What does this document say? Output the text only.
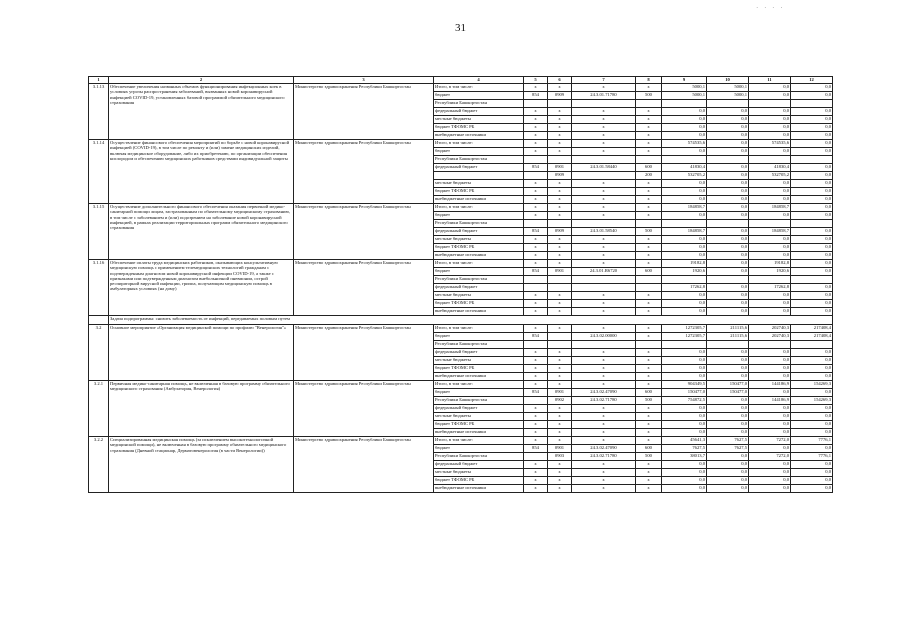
· · · ·
31
1	2	3	4	5	6	7	8	9	10	11	12
3.1.13	Обеспечение увеличения названных объемов функционирования инфекционных коек в условиях угрозы распространения заболеваний, вызванных новой коронавирусной инфекцией COVID-19, установленных базовой программой обязательного медицинского страхования	Министерство здравоохранения Республики Башкортостан	Итого, в том числе:	x	x	x	x	5000,1	5000,1	0,0	0,0
			бюджет	854	0909	24.3.01.71780	500	5000,1	5000,1	0,0	0,0
			Республики Башкортостан								
			федеральный бюджет	x	x	x	x	0,0	0,0	0,0	0,0
			местные бюджеты	x	x	x	x	0,0	0,0	0,0	0,0
			бюджет ТФОМС РБ	x	x	x	x	0,0	0,0	0,0	0,0
			внебюджетные источники	x	x	x	x	0,0	0,0	0,0	0,0
3.1.14	Осуществление финансового обеспечения мероприятий по борьбе с новой коронавирусной инфекцией (COVID-19), в том числе по ремонту и (или) замене медицинских изделий, включая медицинское оборудование, либо их приобретению, по организации обеспечения кислородом и обеспечению медицинских работников средствами индивидуальной защиты	Министерство здравоохранения Республики Башкортостан	Итого, в том числе:	x	x	x	x	574535,6	0,0	574535,6	0,0
			бюджет	x	x	x	x	0,0	0,0	0,0	0,0
			Республики Башкортостан								
			федеральный бюджет	854	0901	24.3.01.58440	600	41830,4	0,0	41830,4	0,0
					0909		200	532705,2	0,0	532705,2	0,0
			местные бюджеты	x	x	x	x	0,0	0,0	0,0	0,0
			бюджет ТФОМС РБ	x	x	x	x	0,0	0,0	0,0	0,0
			внебюджетные источники	x	x	x	x	0,0	0,0	0,0	0,0
3.1.15	Осуществление дополнительного финансового обеспечения оказания первичной медико-санитарной помощи лицам, застрахованным по обязательному медицинскому страхованию, в том числе с заболеванием и (или) подозрением на заболевание новой коронавирусной инфекцией, в рамках реализации территориальных программ обязательного медицинского страхования	Министерство здравоохранения Республики Башкортостан	Итого, в том числе:	x	x	x	x	184858,7	0,0	184858,7	0,0
			бюджет	x	x	x	x	0,0	0,0	0,0	0,0
			Республики Башкортостан								
			федеральный бюджет	854	0909	24.3.01.58540	500	184858,7	0,0	184858,7	0,0
			местные бюджеты	x	x	x	x	0,0	0,0	0,0	0,0
			бюджет ТФОМС РБ	x	x	x	x	0,0	0,0	0,0	0,0
			внебюджетные источники	x	x	x	x	0,0	0,0	0,0	0,0
3.1.16	Обеспечение оплаты труда медицинских работников, оказывающих консультативную медицинскую помощь с применением телемедицинских технологий гражданам с подтвержденным диагнозом новой коронавирусной инфекции COVID-19, а также с признаками или подтвержденным диагнозом внебольничной пневмонии, острой респираторной вирусной инфекции, гриппа, получающим медицинскую помощь в амбулаторных условиях (на дому)	Министерство здравоохранения Республики Башкортостан	Итого, в том числе:	x	x	x	x	19182,8	0,0	19182,8	0,0
			бюджет	854	0901	24.3.01.R6720	600	1920,6	0,0	1920,6	0,0
			Республики Башкортостан								
			федеральный бюджет					17262,8	0,0	17262,8	0,0
			местные бюджеты	x	x	x	x	0,0	0,0	0,0	0,0
			бюджет ТФОМС РБ	x	x	x	x	0,0	0,0	0,0	0,0
			внебюджетные источники	x	x	x	x	0,0	0,0	0,0	0,0
	Задача подпрограммы: снизить заболеваемость от инфекций, передаваемых половым путем										
3.2	Основное мероприятие «Организация медицинской помощи по профилю "Венерология"»	Министерство здравоохранения Республики Башкортостан	Итого, в том числе:	x	x	x	x	1272305,7	211115,6	202740,3	217408,4
			бюджет	854		24.3.02.00000	x	1272305,7	211115,6	202740,3	217408,4
			Республики Башкортостан								
			федеральный бюджет	x	x	x	x	0,0	0,0	0,0	0,0
			местные бюджеты	x	x	x	x	0,0	0,0	0,0	0,0
			бюджет ТФОМС РБ	x	x	x	x	0,0	0,0	0,0	0,0
			внебюджетные источники	x	x	x	x	0,0	0,0	0,0	0,0
3.2.1	Первичная медико-санитарная помощь, не включенная в базовую программу обязательного медицинского страхования (Амбулатория, Венерология)	Министерство здравоохранения Республики Башкортостан	Итого, в том числе:	x	x	x	x	904349,5	150477,0	144186,9	154269,3
			бюджет	854	0901	24.3.02.47090	600	150477,0	150477,0	0,0	0,0
			Республики Башкортостан		0902	24.3.02.71780	500	754872,5	0,0	144186,9	154269,3
			федеральный бюджет	x	x	x	x	0,0	0,0	0,0	0,0
			местные бюджеты	x	x	x	x	0,0	0,0	0,0	0,0
			бюджет ТФОМС РБ	x	x	x	x	0,0	0,0	0,0	0,0
			внебюджетные источники	x	x	x	x	0,0	0,0	0,0	0,0
3.2.2	Специализированная медицинская помощь (за исключением высокотехнологичной медицинской помощи), не включенная в базовую программу обязательного медицинского страхования (Дневной стационар, Дерматовенерология (в части Венерологии))	Министерство здравоохранения Республики Башкортостан	Итого, в том числе:	x	x	x	x	45641,3	7627,5	7272,0	7776,1
			бюджет	854	0901	24.3.02.47090	600	7627,5	7627,5	0,0	0,0
			Республики Башкортостан		0903	24.3.02.71780	500	38013,7	0,0	7272,0	7776,1
			федеральный бюджет	x	x	x	x	0,0	0,0	0,0	0,0
			местные бюджеты	x	x	x	x	0,0	0,0	0,0	0,0
			бюджет ТФОМС РБ	x	x	x	x	0,0	0,0	0,0	0,0
			внебюджетные источники	x	x	x	x	0,0	0,0	0,0	0,0
